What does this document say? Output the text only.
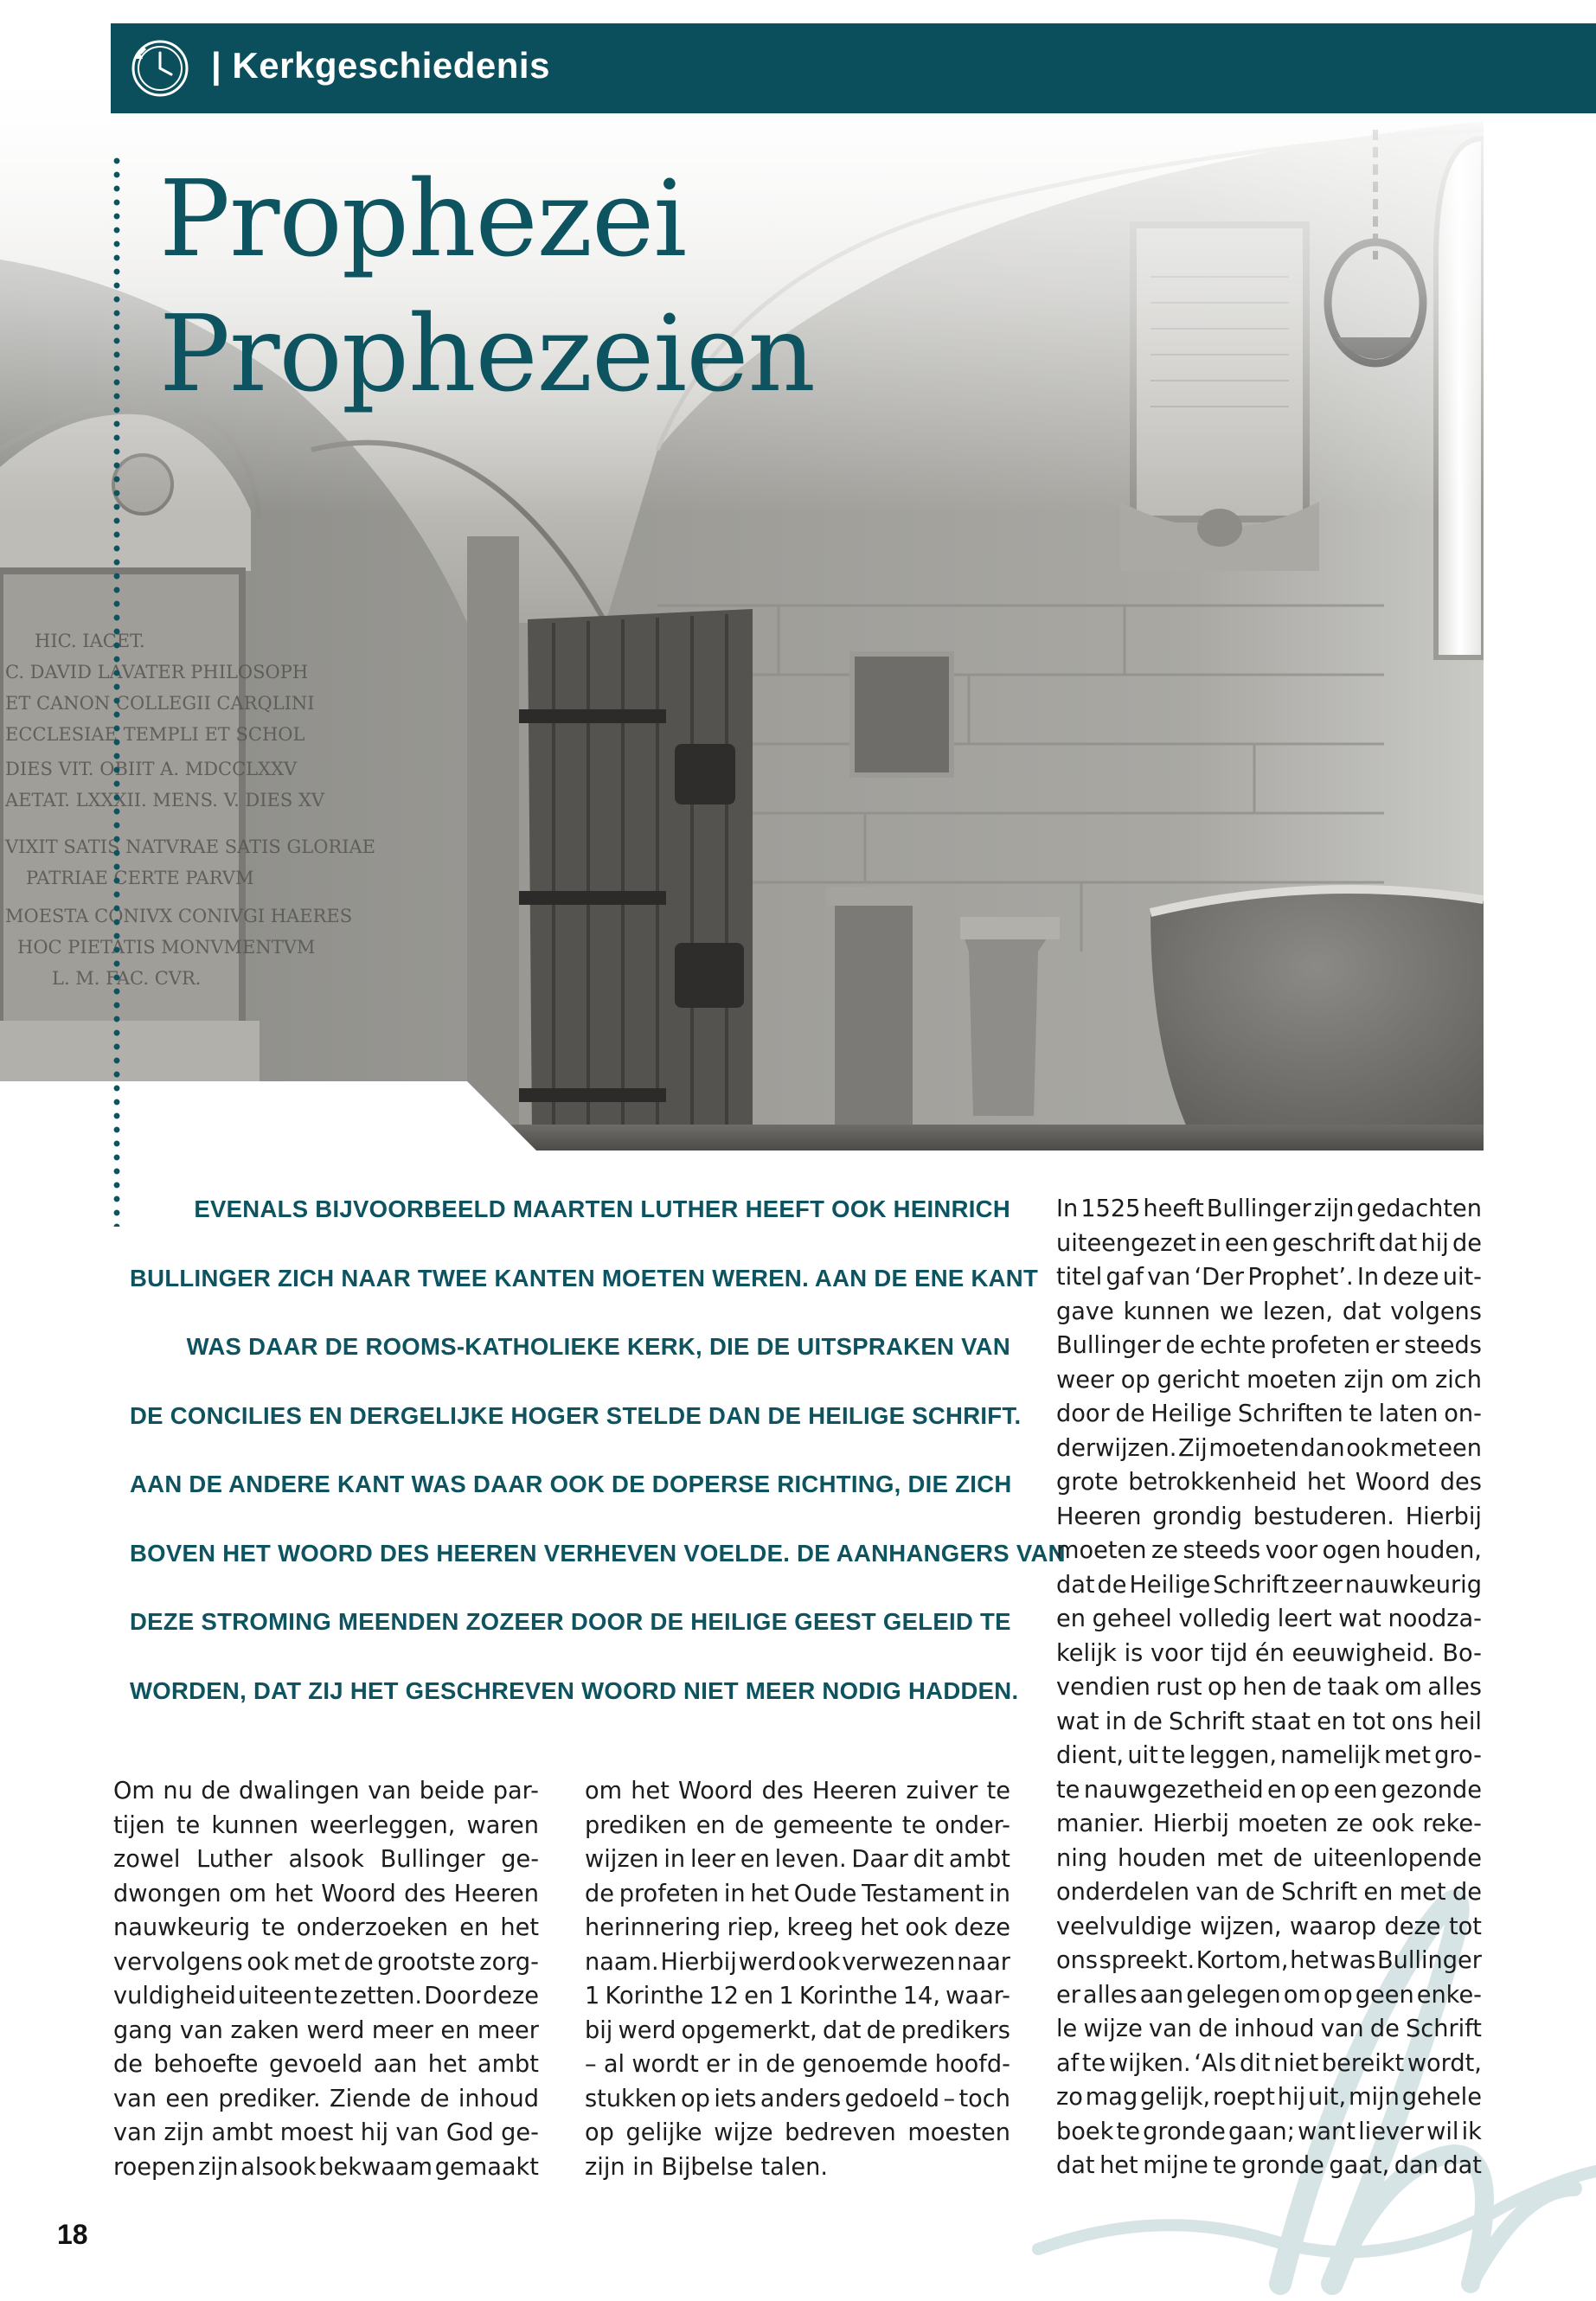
| Kerkgeschiedenis
Prophezei
Prophezeien
EVENALS BIJVOORBEELD MAARTEN LUTHER HEEFT OOK HEINRICH
BULLINGER ZICH NAAR TWEE KANTEN MOETEN WEREN. AAN DE ENE KANT
WAS DAAR DE ROOMS-KATHOLIEKE KERK, DIE DE UITSPRAKEN VAN
DE CONCILIES EN DERGELIJKE HOGER STELDE DAN DE HEILIGE SCHRIFT.
AAN DE ANDERE KANT WAS DAAR OOK DE DOPERSE RICHTING, DIE ZICH
BOVEN HET WOORD DES HEEREN VERHEVEN VOELDE. DE AANHANGERS VAN
DEZE STROMING MEENDEN ZOZEER DOOR DE HEILIGE GEEST GELEID TE
WORDEN, DAT ZIJ HET GESCHREVEN WOORD NIET MEER NODIG HADDEN.
Om nu de dwalingen van beide par-
tijen te kunnen weerleggen, waren
zowel Luther alsook Bullinger ge-
dwongen om het Woord des Heeren
nauwkeurig te onderzoeken en het
vervolgens ook met de grootste zorg-
vuldigheid uiteen te zetten. Door deze
gang van zaken werd meer en meer
de behoefte gevoeld aan het ambt
van een prediker. Ziende de inhoud
van zijn ambt moest hij van God ge-
roepen zijn alsook bekwaam gemaakt
om het Woord des Heeren zuiver te
prediken en de gemeente te onder-
wijzen in leer en leven. Daar dit ambt
de profeten in het Oude Testament in
herinnering riep, kreeg het ook deze
naam. Hierbij werd ook verwezen naar
1 Korinthe 12 en 1 Korinthe 14, waar-
bij werd opgemerkt, dat de predikers
– al wordt er in de genoemde hoofd-
stukken op iets anders gedoeld – toch
op gelijke wijze bedreven moesten
zijn in Bijbelse talen.
In 1525 heeft Bullinger zijn gedachten
uiteengezet in een geschrift dat hij de
titel gaf van ‘Der Prophet’. In deze uit-
gave kunnen we lezen, dat volgens
Bullinger de echte profeten er steeds
weer op gericht moeten zijn om zich
door de Heilige Schriften te laten on-
derwijzen. Zij moeten dan ook met een
grote betrokkenheid het Woord des
Heeren grondig bestuderen. Hierbij
moeten ze steeds voor ogen houden,
dat de Heilige Schrift zeer nauwkeurig
en geheel volledig leert wat noodza-
kelijk is voor tijd én eeuwigheid. Bo-
vendien rust op hen de taak om alles
wat in de Schrift staat en tot ons heil
dient, uit te leggen, namelijk met gro-
te nauwgezetheid en op een gezonde
manier. Hierbij moeten ze ook reke-
ning houden met de uiteenlopende
onderdelen van de Schrift en met de
veelvuldige wijzen, waarop deze tot
ons spreekt. Kortom, het was Bullinger
er alles aan gelegen om op geen enke-
le wijze van de inhoud van de Schrift
af te wijken. ‘Als dit niet bereikt wordt,
zo mag gelijk, roept hij uit, mijn gehele
boek te gronde gaan; want liever wil ik
dat het mijne te gronde gaat, dan dat
18
